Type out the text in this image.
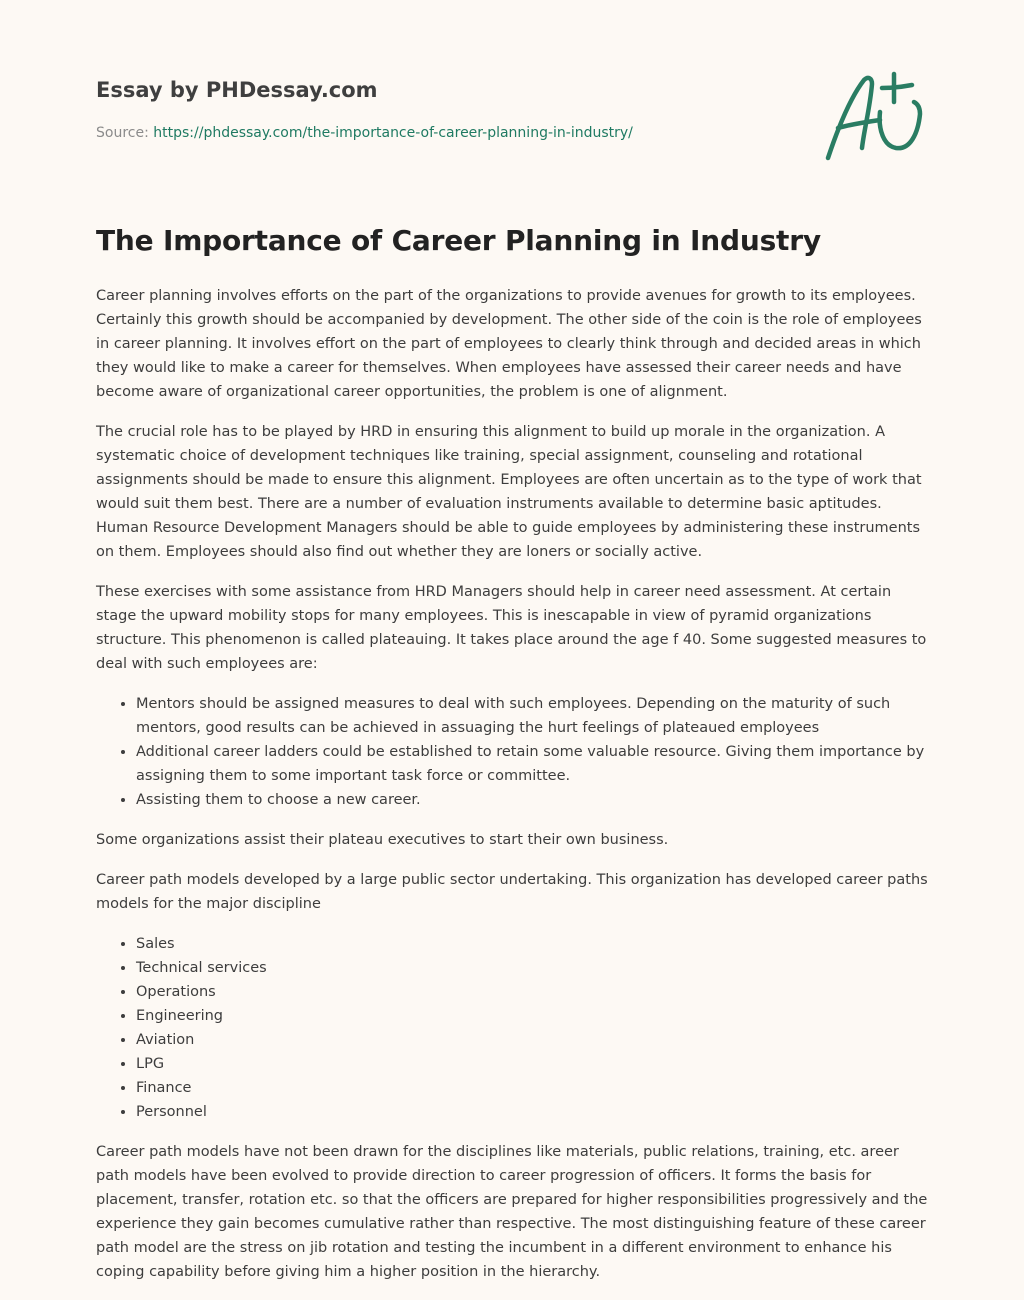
Essay by PHDessay.com
Source: https://phdessay.com/the-importance-of-career-planning-in-industry/
The Importance of Career Planning in Industry

Career planning involves efforts on the part of the organizations to provide avenues for growth to its employees. Certainly this growth should be accompanied by development. The other side of the coin is the role of employees in career planning. It involves effort on the part of employees to clearly think through and decided areas in which they would like to make a career for themselves. When employees have assessed their career needs and have become aware of organizational career opportunities, the problem is one of alignment.

The crucial role has to be played by HRD in ensuring this alignment to build up morale in the organization. A systematic choice of development techniques like training, special assignment, counseling and rotational assignments should be made to ensure this alignment. Employees are often uncertain as to the type of work that would suit them best. There are a number of evaluation instruments available to determine basic aptitudes. Human Resource Development Managers should be able to guide employees by administering these instruments on them. Employees should also find out whether they are loners or socially active.

These exercises with some assistance from HRD Managers should help in career need assessment. At certain stage the upward mobility stops for many employees. This is inescapable in view of pyramid organizations structure. This phenomenon is called plateauing. It takes place around the age f 40. Some suggested measures to deal with such employees are:

• Mentors should be assigned measures to deal with such employees. Depending on the maturity of such mentors, good results can be achieved in assuaging the hurt feelings of plateaued employees
• Additional career ladders could be established to retain some valuable resource. Giving them importance by assigning them to some important task force or committee.
• Assisting them to choose a new career.

Some organizations assist their plateau executives to start their own business.

Career path models developed by a large public sector undertaking. This organization has developed career paths models for the major discipline

• Sales
• Technical services
• Operations
• Engineering
• Aviation
• LPG
• Finance
• Personnel

Career path models have not been drawn for the disciplines like materials, public relations, training, etc. areer path models have been evolved to provide direction to career progression of officers. It forms the basis for placement, transfer, rotation etc. so that the officers are prepared for higher responsibilities progressively and the experience they gain becomes cumulative rather than respective. The most distinguishing feature of these career path model are the stress on jib rotation and testing the incumbent in a different environment to enhance his coping capability before giving him a higher position in the hierarchy.
